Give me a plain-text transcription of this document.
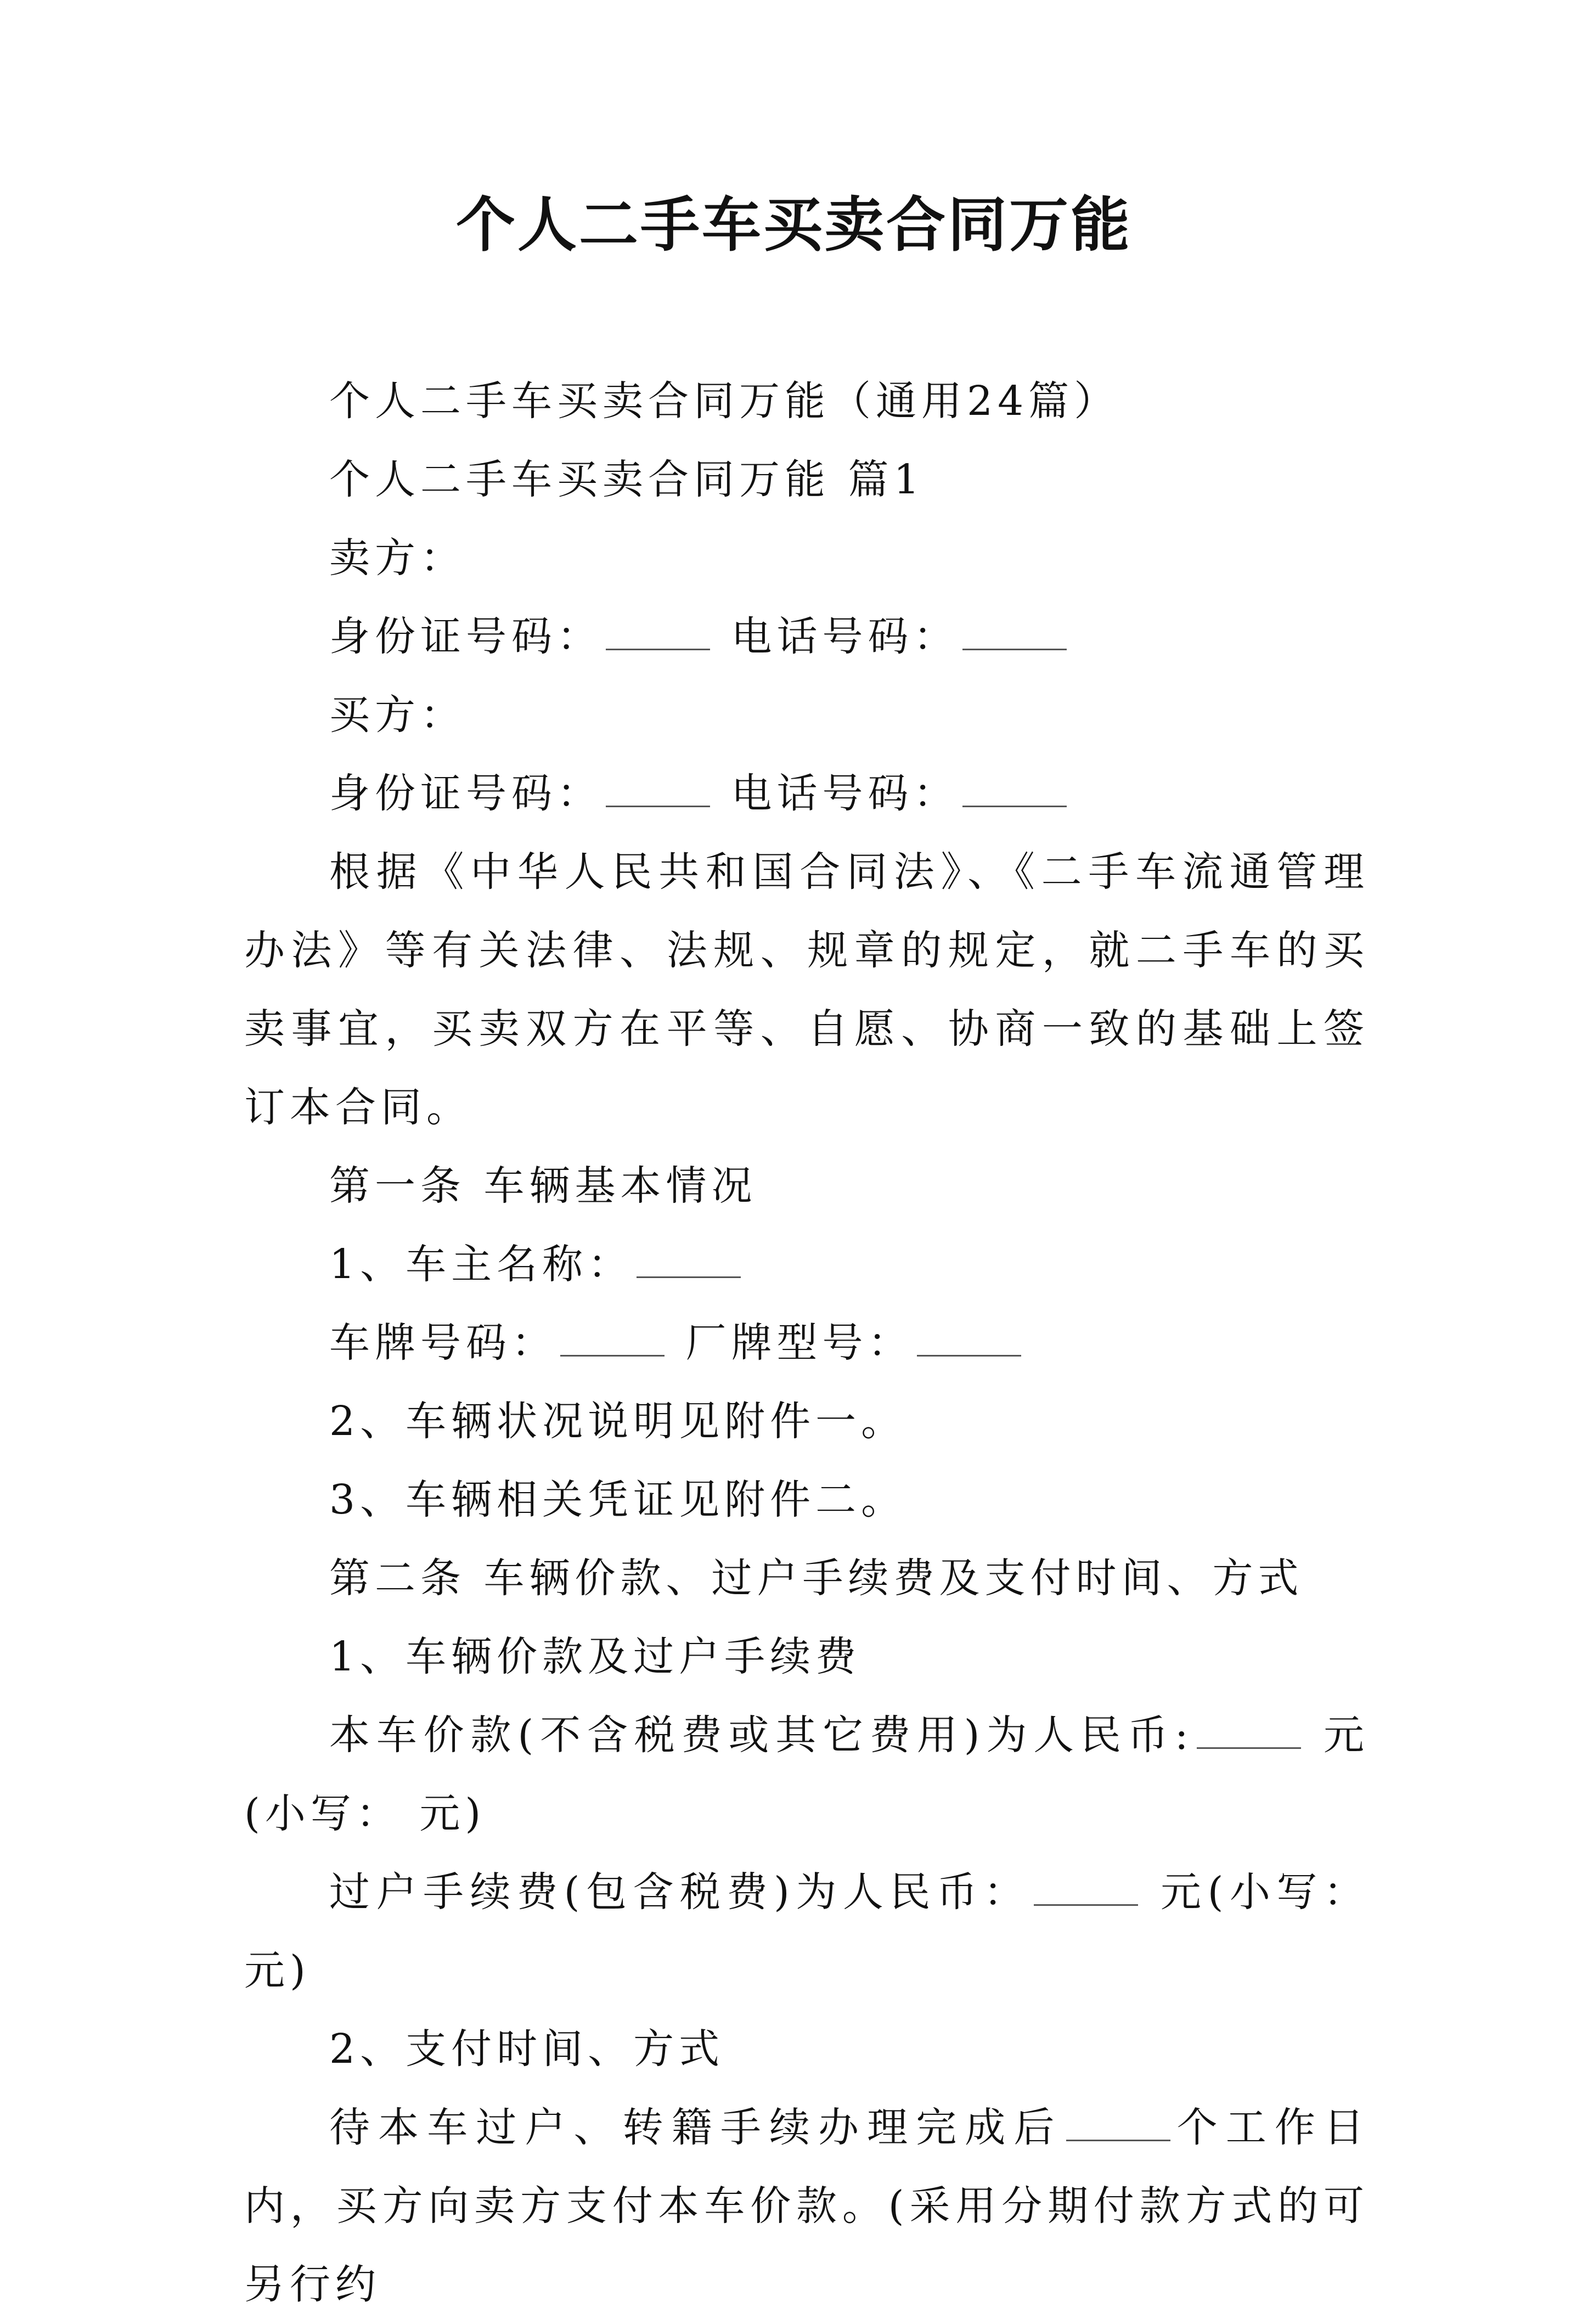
个人二手车买卖合同万能

个人二手车买卖合同万能（通用24篇）

个人二手车买卖合同万能 篇1

卖方：

身份证号码：	电话号码：

买方：

身份证号码：	电话号码：

根据《中华人民共和国合同法》、《二手车流通管理办法》等有关法律、法规、规章的规定，就二手车的买卖事宜，买卖双方在平等、自愿、协商一致的基础上签订本合同。

第一条 车辆基本情况

1、车主名称：

车牌号码：	厂牌型号：

2、车辆状况说明见附件一。

3、车辆相关凭证见附件二。

第二条 车辆价款、过户手续费及支付时间、方式

1、车辆价款及过户手续费

本车价款(不含税费或其它费用)为人民币:	元(小写： 元)

过户手续费(包含税费)为人民币：	元(小写： 元)

2、支付时间、方式

待本车过户、转籍手续办理完成后	个工作日内，买方向卖方支付本车价款。(采用分期付款方式的可另行约
